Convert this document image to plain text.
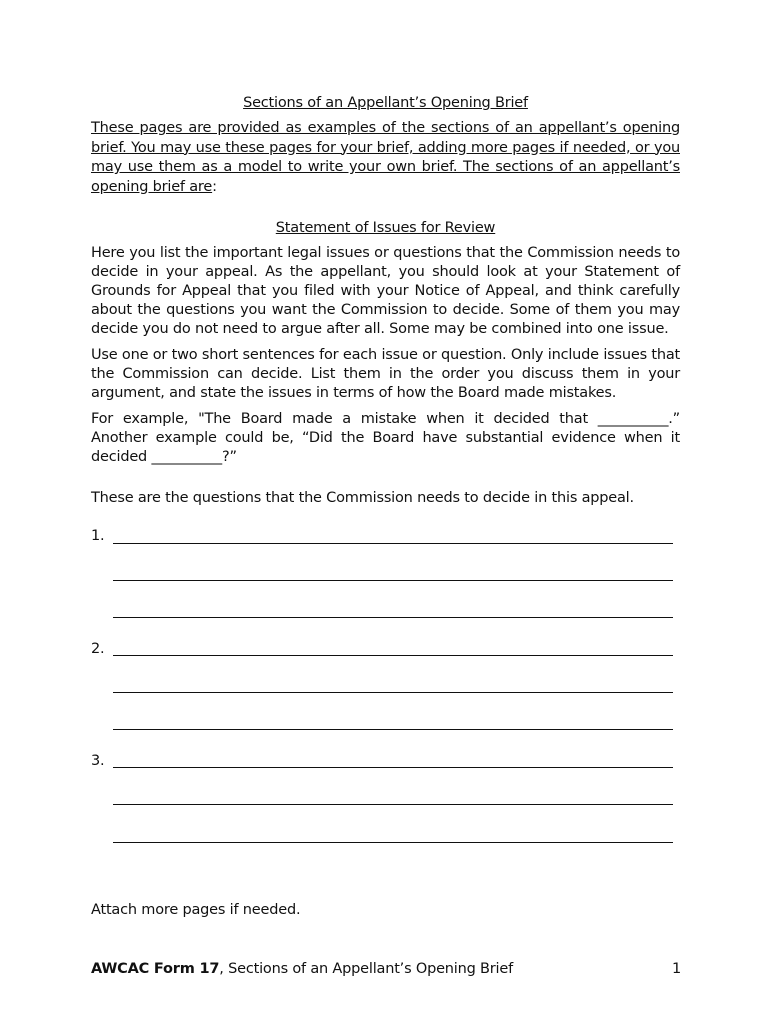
Sections of an Appellant’s Opening Brief
These pages are provided as examples of the sections of an appellant’s opening brief. You may use these pages for your brief, adding more pages if needed, or you may use them as a model to write your own brief. The sections of an appellant’s opening brief are:
Statement of Issues for Review

Here you list the important legal issues or questions that the Commission needs to decide in your appeal. As the appellant, you should look at your Statement of Grounds for Appeal that you filed with your Notice of Appeal, and think carefully about the questions you want the Commission to decide. Some of them you may decide you do not need to argue after all. Some may be combined into one issue.

Use one or two short sentences for each issue or question. Only include issues that the Commission can decide. List them in the order you discuss them in your argument, and state the issues in terms of how the Board made mistakes.

For example, "The Board made a mistake when it decided that __________.” Another example could be, “Did the Board have substantial evidence when it decided __________?”

These are the questions that the Commission needs to decide in this appeal.

1.
2.
3.
Attach more pages if needed.
AWCAC Form 17, Sections of an Appellant’s Opening Brief	1
